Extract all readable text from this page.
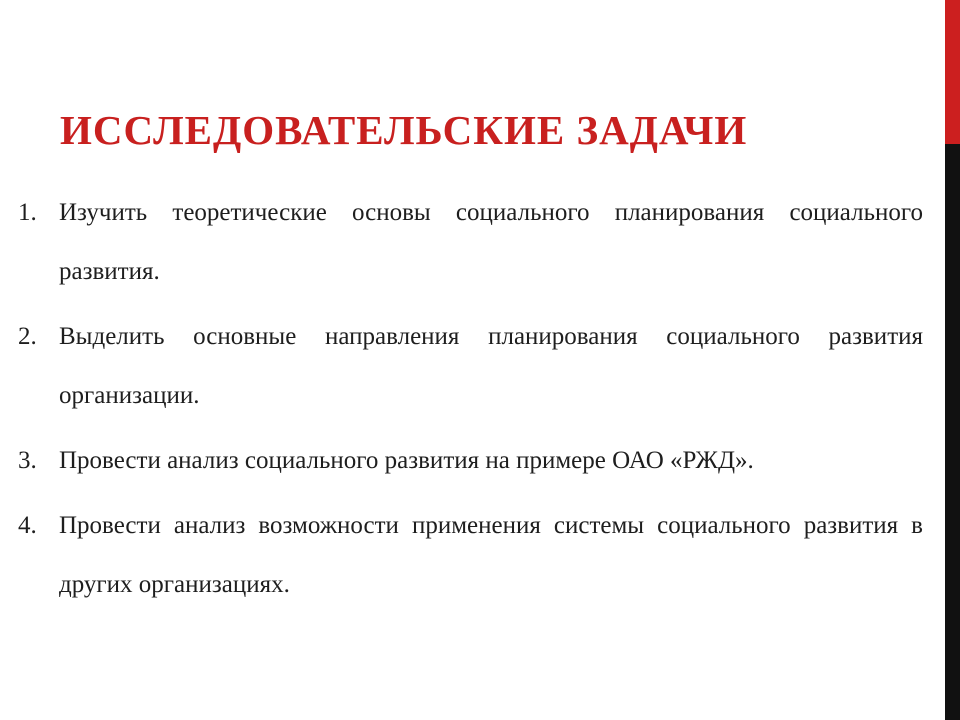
ИССЛЕДОВАТЕЛЬСКИЕ ЗАДАЧИ
1. Изучить теоретические основы социального планирования социального развития.
2. Выделить основные направления планирования социального развития организации.
3. Провести анализ социального развития на примере ОАО «РЖД».
4. Провести анализ возможности применения системы социального развития в других организациях.
